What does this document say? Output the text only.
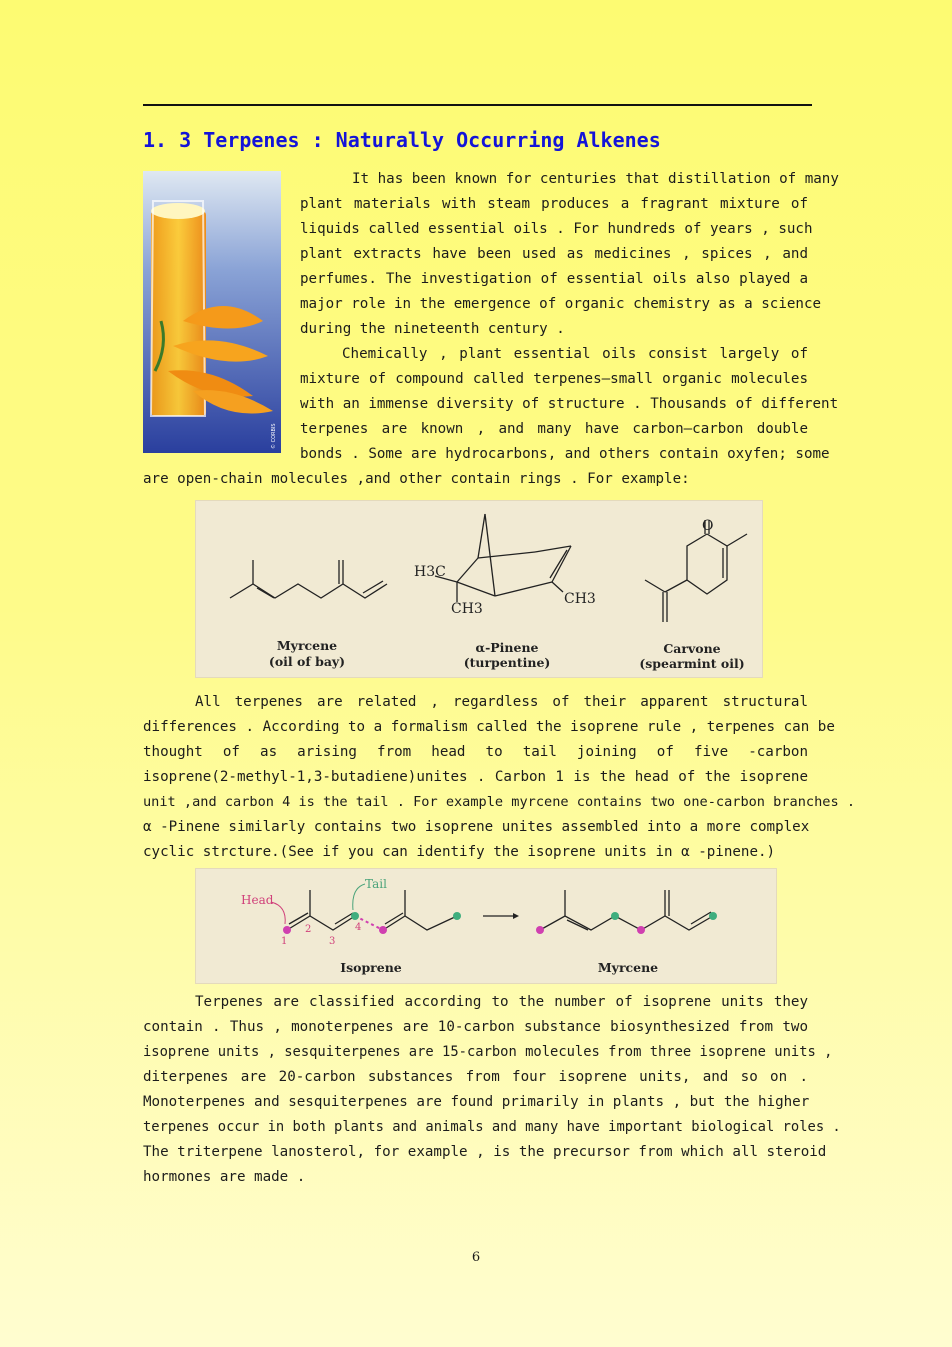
1. 3 Terpenes : Naturally Occurring Alkenes
© CORBIS
It has been known for centuries that distillation of many
plant materials with steam produces a fragrant mixture of
liquids called essential oils . For hundreds of years , such
plant extracts have been used as medicines , spices , and
perfumes. The investigation of essential oils also played a
major role in the emergence of organic chemistry as a science
during the nineteenth century .
Chemically , plant essential oils consist largely of
mixture of compound called terpenes—small organic molecules
with an immense diversity of structure . Thousands of different
terpenes are known , and many have carbon—carbon double
bonds . Some are hydrocarbons, and others contain oxyfen; some
are open-chain molecules ,and other contain rings . For example:
H3C
CH3
CH3
O
Myrcene
(oil of bay)
α-Pinene
(turpentine)
Carvone
(spearmint oil)
All terpenes are related , regardless of their apparent structural
differences . According to a formalism called the isoprene rule , terpenes can be
thought of as arising from head to tail joining of five -carbon
isoprene(2-methyl-1,3-butadiene)unites . Carbon 1 is the head of the isoprene
unit ,and carbon 4 is the tail . For example myrcene contains two one-carbon branches .
α -Pinene similarly contains two isoprene unites assembled into a more complex
cyclic strcture.(See if you can identify the isoprene units in α -pinene.)
Head
Tail
1
2
3
4
Isoprene	Myrcene
Terpenes are classified according to the number of isoprene units they
contain . Thus , monoterpenes are 10-carbon substance biosynthesized from two
isoprene units , sesquiterpenes are 15-carbon molecules from three isoprene units ,
diterpenes are 20-carbon substances from four isoprene units, and so on .
Monoterpenes and sesquiterpenes are found primarily in plants , but the higher
terpenes occur in both plants and animals and many have important biological roles .
The triterpene lanosterol, for example , is the precursor from which all steroid
hormones are made .
6
